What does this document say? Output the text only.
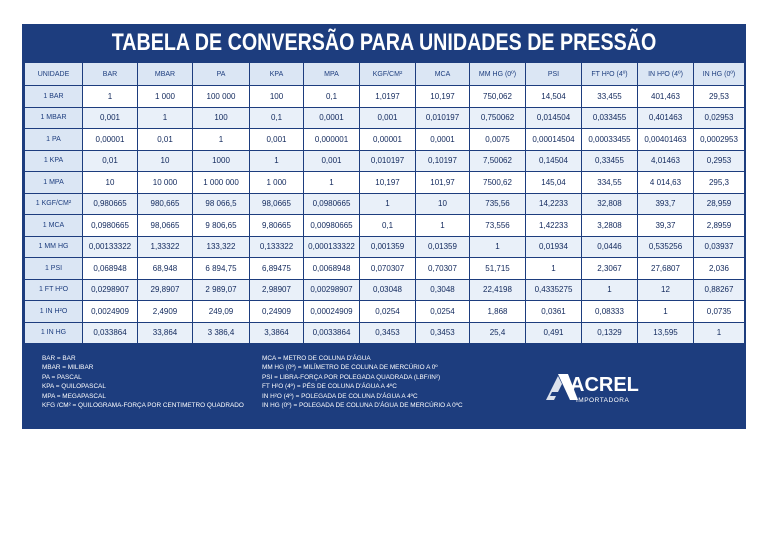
TABELA DE CONVERSÃO PARA UNIDADES DE PRESSÃO
UNIDADE	BAR	MBAR	PA	KPA	MPA	KGF/CM²	MCA	MM HG (0º)	PSI	FT H²O (4º)	IN H²O (4º)	IN HG (0º)
1 BAR	1	1 000	100 000	100	0,1	1,0197	10,197	750,062	14,504	33,455	401,463	29,53
1 MBAR	0,001	1	100	0,1	0,0001	0,001	0,010197	0,750062	0,014504	0,033455	0,401463	0,02953
1 PA	0,00001	0,01	1	0,001	0,000001	0,00001	0,0001	0,0075	0,00014504	0,00033455	0,00401463	0,0002953
1 KPA	0,01	10	1000	1	0,001	0,010197	0,10197	7,50062	0,14504	0,33455	4,01463	0,2953
1 MPA	10	10 000	1 000 000	1 000	1	10,197	101,97	7500,62	145,04	334,55	4 014,63	295,3
1 KGF/CM²	0,980665	980,665	98 066,5	98,0665	0,0980665	1	10	735,56	14,2233	32,808	393,7	28,959
1 MCA	0,0980665	98,0665	9 806,65	9,80665	0,00980665	0,1	1	73,556	1,42233	3,2808	39,37	2,8959
1 MM HG	0,00133322	1,33322	133,322	0,133322	0,000133322	0,001359	0,01359	1	0,01934	0,0446	0,535256	0,03937
1 PSI	0,068948	68,948	6 894,75	6,89475	0,0068948	0,070307	0,70307	51,715	1	2,3067	27,6807	2,036
1 FT H²O	0,0298907	29,8907	2 989,07	2,98907	0,00298907	0,03048	0,3048	22,4198	0,4335275	1	12	0,88267
1 IN H²O	0,0024909	2,4909	249,09	0,24909	0,00024909	0,0254	0,0254	1,868	0,0361	0,08333	1	0,0735
1 IN HG	0,033864	33,864	3 386,4	3,3864	0,0033864	0,3453	0,3453	25,4	0,491	0,1329	13,595	1
BAR = BAR
MBAR = MILIBAR
PA = PASCAL
KPA = QUILOPASCAL
MPA = MEGAPASCAL
KFG /CM² = QUILOGRAMA-FORÇA POR CENTIMETRO QUADRADO
MCA = METRO DE COLUNA D'ÁGUA
MM HG (0º) = MILÍMETRO DE COLUNA DE MERCÚRIO A 0º
PSI = LIBRA-FORÇA POR POLEGADA QUADRADA (LBF/IN²)
FT H²O (4º) = PÉS DE COLUNA D'ÁGUA A 4ºC
IN H²O (4º) = POLEGADA DE COLUNA D'ÁGUA A 4ºC
IN HG (0º) = POLEGADA DE COLUNA D'ÁGUA DE MERCÚRIO A 0ºC
ACREL
IMPORTADORA
